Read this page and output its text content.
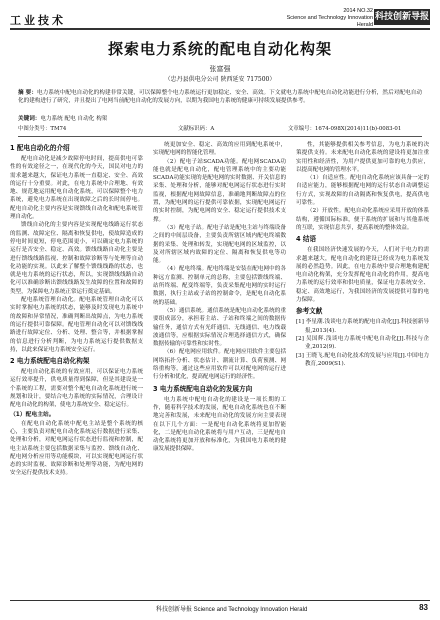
工业技术
2014 NO.32
Science and Technology Innovation Herald
科技创新导报
探索电力系统的配电自动化构架
张富强
（忠丹县供电分公司 陕西延安 717500）
摘 要：电力系统中配电自动化的构建非常关键，可以保障整个电力系统运行更加稳定、安全、高效。下文就电力系统中配电自动化功能进行分析，然后对配电自动化的建构进行了研究，并且提出了电网当前配电自动化的发展方向，以期为我国电力系统的健康可持续发展提供参考。
关键词：电力系统 配电 自动化 构架
中图分类号：TM74	文献标识码：A	文章编号：1674-098X(2014)11(b)-0083-01
1 配电自动化的介绍

配电自动化是减少故障停电时间，提高供电可靠性的有效途径之一，在现代化的今天，国民对电力的需求越来越大，保证电力系统一直稳定、安全、高效的运行十分重要。对此，在电力系统中合理地、有效地、规范地运用配电自动化系统，可以保障整个电力系统，避免电力系统在出现故障之后的长时间停电。配电自动化主要内容是实现馈线自动化和配电系统管理自动化。

馈线自动化的主要内容是实现配电线路运行状态的监测、故障定位、隔离和恢复供电，使故障造成的停电时间更短，停电范围更小，可以确定电力系统的运行是否安全、稳定、高效。馈线线路自动化主要是进行馈线线路监视、控制和故障诊断等与处理等自动化功能的实现。以此来了解整个馈线线路的状态，也就是电力系统的运行状态，所以，实现馈线线路自动化可以准确诊断出馈线线路发生故障的位置和故障的类型，为保障电力系统正常运行奠定基础。

配电系统管理自动化。配电系统管理自动化可以实时掌握电力系统的状态，能够及时发现电力系统中的故障和异常情况，准确判断出故障点，为电力系统的运行提供可靠保障。配电管理自动化可以对馈线线路进行故障定位、分析、处理、整合等，并根据掌握的信息进行分析判断，为电力系统运行提供数据支持，以此来保证电力系统安全运行。

2 电力系统配电自动化构架

配电自动化系统的有效应用，可以保证电力系统运行效率提升，供电质量得到保障，但是其建设是一个系统的工程，需要对整个配电自动化系统进行统一规划和设计，要结合电力系统的实际情况，合理设计配电自动化的构架，使电力系统安全、稳定运行。

（1）配电主站。

在配电自动化系统中配电主站是整个系统的核心，主要负责对配电自动化系统运行数据进行采集、处理和分析，对配电网运行状态进行监视和控制，配电主站系统主要包括数据采集与监控、馈线自动化、配电网分析应用等功能模块，可以实现配电网运行状态的实时监视、故障诊断和处理等功能，为配电网的安全运行提供技术支持。

统更加安全、稳定、高效的应用到配电系统中，实现配电网的智能化管理。

（2）配电子站SCADA功能。配电网SCADA功能也就是配电自动化，配电管理系统中的主要功能SCADA功能实现的是配电网的实时数据、开关信息的采集、处理和分析，能够对配电网运行状态进行实时监视，根据配电网故障信息，准确地判断故障点的位置，为配电网的运行提供可靠依据，实现配电网运行的实时控制，为配电网的安全、稳定运行提供技术支撑。

（3）配电子站。配电子站是配电主站与终端设备之间的中间层设备，主要负责所辖区域内配电终端数据的采集、处理和转发，实现配电网的区域监控，以及对所辖区域内故障的定位、隔离和恢复供电等功能。

（4）配电终端。配电终端是安装在配电网中的各种远方监测、控制单元的总称，主要包括馈线终端、站所终端、配变终端等，负责采集配电网的实时运行数据，执行主站或子站的控制命令，是配电自动化系统的基础。

（5）通信系统。通信系统是配电自动化系统的重要组成部分，承担着主站、子站和终端之间的数据传输任务，通信方式有光纤通信、无线通信、电力线载波通信等，应根据实际情况合理选择通信方式，确保数据传输的可靠性和实时性。

（6）配电网应用软件。配电网应用软件主要包括网络拓扑分析、状态估计、潮流计算、负荷预测、网络重构等，通过这些应用软件可以对配电网的运行进行分析和优化，提高配电网运行的经济性。

3 电力系统配电自动化的发展方向

电力系统中配电自动化的建设是一项长期的工作，随着科学技术的发展，配电自动化系统也在不断地完善和发展，未来配电自动化的发展方向主要表现在以下几个方面：一是配电自动化系统将更加智能化，二是配电自动化系统将与用户互动，三是配电自动化系统将更加开放和标准化，为我国电力系统的健康发展提供保障。

性，其能够提供相关参考信息，为电力系统的决策提供支持。未来配电自动化系统的建设将更加注重实用性和经济性，为用户提供更加可靠的电力供应，以提高配电网的管理水平。

（1）自适应性。配电自动化系统应该具备一定的自适应能力，能够根据配电网的运行状态自动调整运行方式，实现故障的自动隔离和恢复供电，提高供电可靠性。

（2）开放性。配电自动化系统应采用开放的体系结构，遵循国际标准，便于系统的扩展和与其他系统的互联，实现信息共享，提高系统的整体效益。

4 结语

在我国经济快速发展的今天，人们对于电力的需求越来越大，配电自动化的建设已经成为电力系统发展的必然趋势。因此，在电力系统中要合理地构建配电自动化构架，充分发挥配电自动化的作用，提高电力系统的运行效率和供电质量，保证电力系统安全、稳定、高效地运行，为我国经济的发展提供可靠的电力保障。

参考文献

[1] 李星潮.浅谈电力系统的配电自动化[J].科技创新导报,2013(4).

[2] 吴国辉.浅谈电力系统中配电自动化[J].科技与企业,2012(9).

[3] 王晓飞.配电自动化技术的发展与应用[J].中国电力教育,2009(S1).

科技创新导报 Science and Technology Innovation Herald	83
